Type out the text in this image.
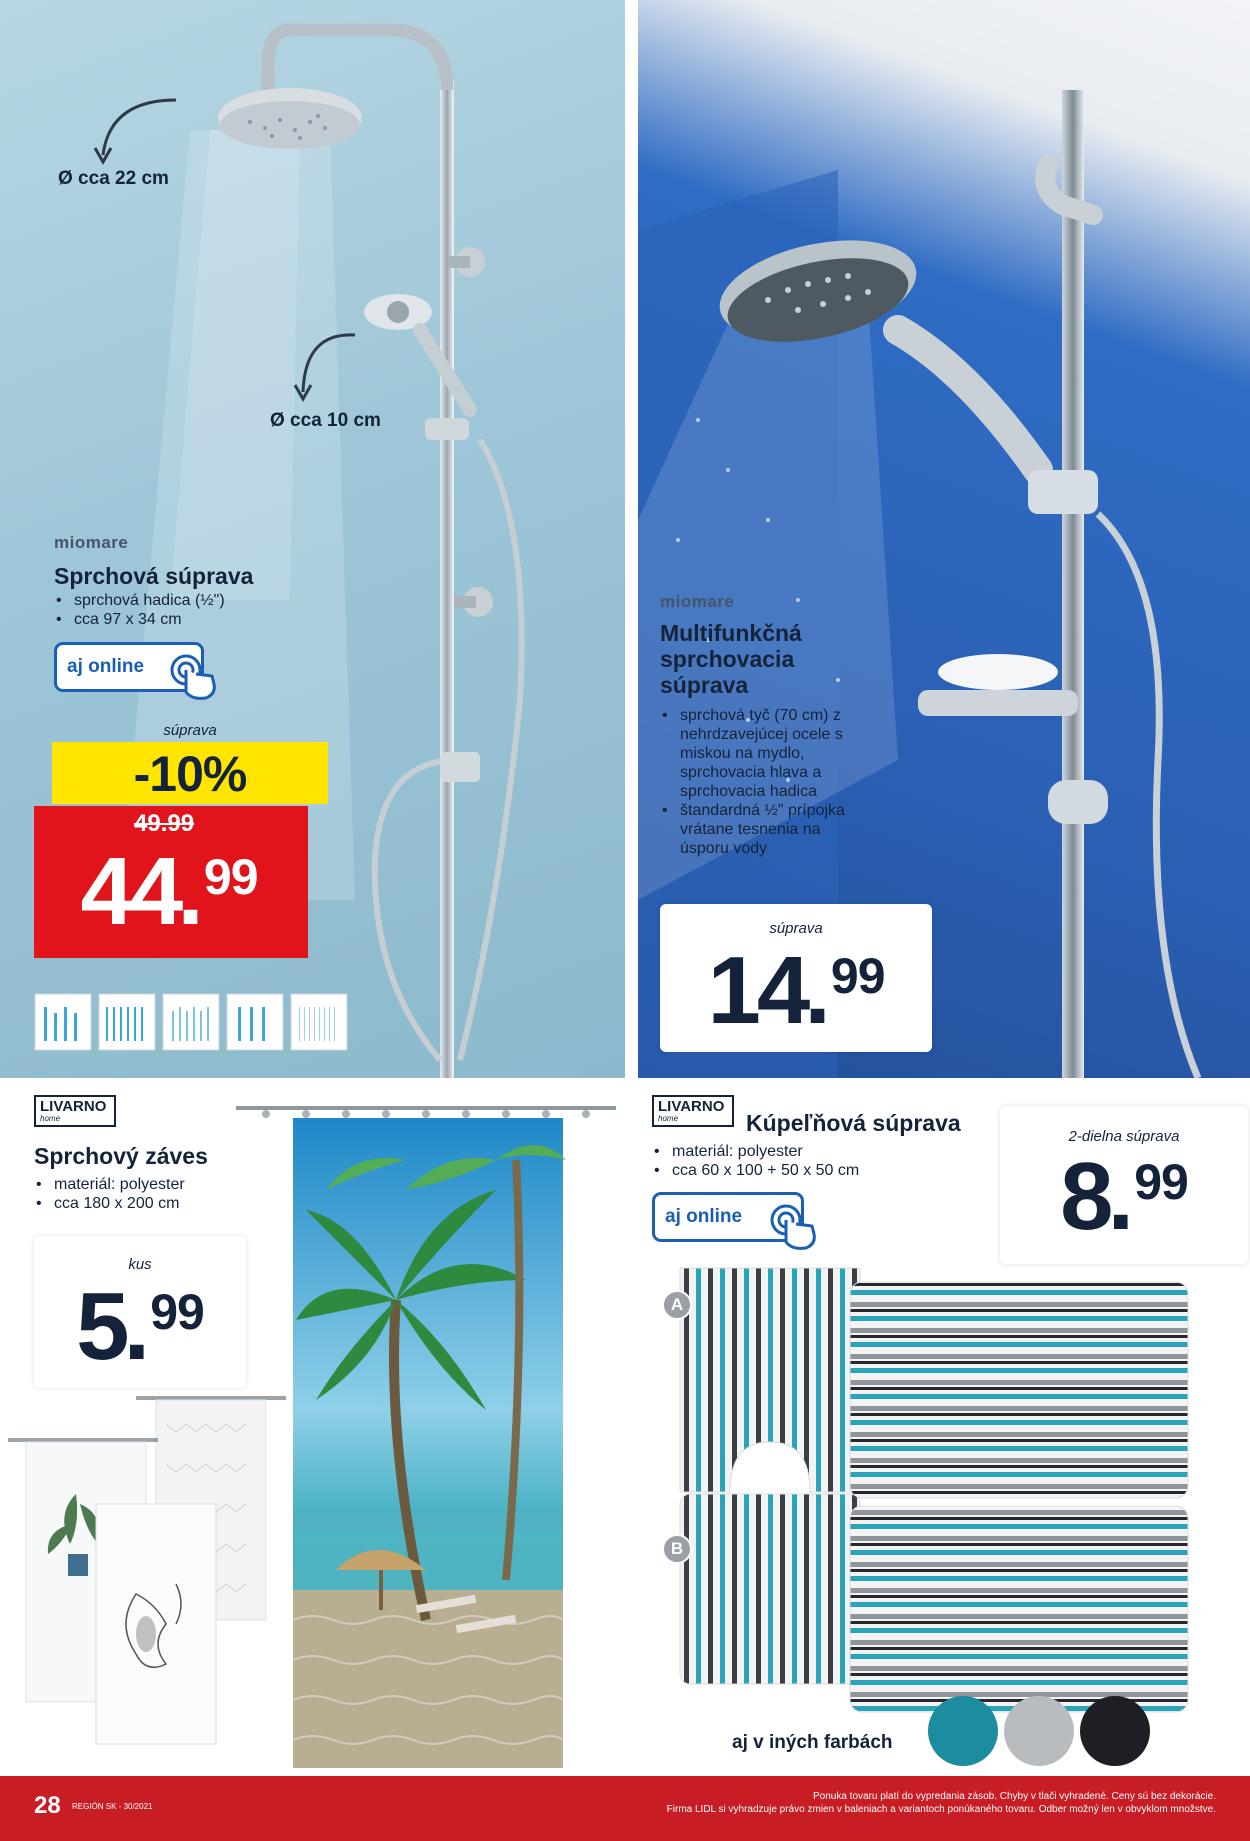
Ø cca 22 cm
Ø cca 10 cm
miomare
Sprchová súprava
• sprchová hadica (½")
• cca 97 x 34 cm
aj online
súprava
-10%
49.99
44
. 99
miomare
Multifunkčná
sprchovacia
súprava
• sprchová tyč (70 cm) z nehrdzavejúcej ocele s miskou na mydlo, sprchovacia hlava a sprchovacia hadica
• štandardná ½" prípojka vrátane tesnenia na úsporu vody
súprava
14
. 99
LIVARNO
home
Sprchový záves
• materiál: polyester
• cca 180 x 200 cm
kus
5
. 99
LIVARNO
home	Kúpeľňová súprava
• materiál: polyester
• cca 60 x 100 + 50 x 50 cm
aj online
2-dielna súprava
8
. 99
A
B
aj v iných farbách
28 REGIÓN SK - 30/2021
Ponuka tovaru platí do vypredania zásob. Chyby v tlači vyhradené. Ceny sú bez dekorácie.
Firma LIDL si vyhradzuje právo zmien v baleniach a variantoch ponúkaného tovaru. Odber možný len v obvyklom množstve.
